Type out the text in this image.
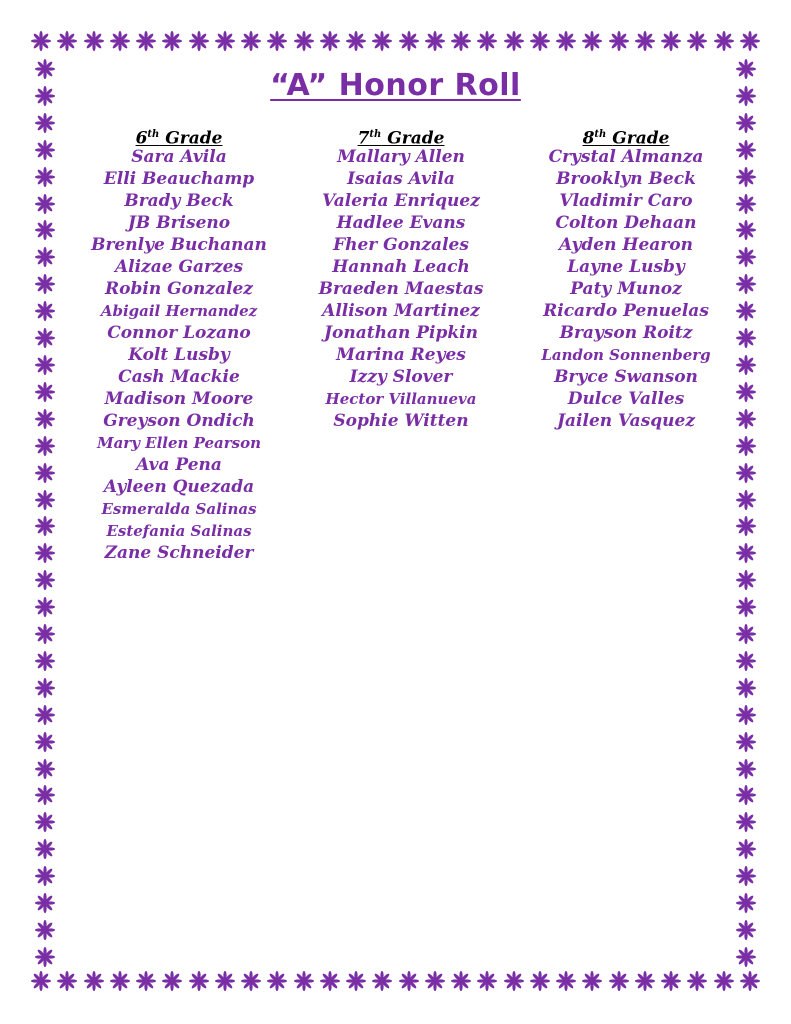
“A” Honor Roll
6th Grade
Sara Avila
Elli Beauchamp
Brady Beck
JB Briseno
Brenlye Buchanan
Alizae Garzes
Robin Gonzalez
Abigail Hernandez
Connor Lozano
Kolt Lusby
Cash Mackie
Madison Moore
Greyson Ondich
Mary Ellen Pearson
Ava Pena
Ayleen Quezada
Esmeralda Salinas
Estefania Salinas
Zane Schneider
7th Grade
Mallary Allen
Isaias Avila
Valeria Enriquez
Hadlee Evans
Fher Gonzales
Hannah Leach
Braeden Maestas
Allison Martinez
Jonathan Pipkin
Marina Reyes
Izzy Slover
Hector Villanueva
Sophie Witten
8th Grade
Crystal Almanza
Brooklyn Beck
Vladimir Caro
Colton Dehaan
Ayden Hearon
Layne Lusby
Paty Munoz
Ricardo Penuelas
Brayson Roitz
Landon Sonnenberg
Bryce Swanson
Dulce Valles
Jailen Vasquez
